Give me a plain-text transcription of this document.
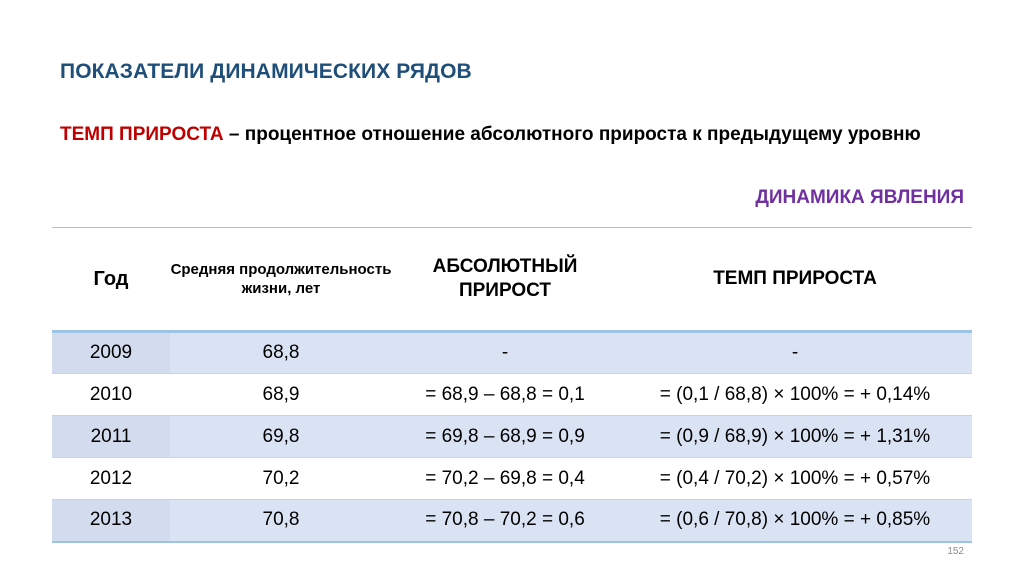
ПОКАЗАТЕЛИ ДИНАМИЧЕСКИХ РЯДОВ
ТЕМП ПРИРОСТА – процентное отношение абсолютного прироста к предыдущему уровню
ДИНАМИКА ЯВЛЕНИЯ
Год	Средняя продолжительность жизни, лет	АБСОЛЮТНЫЙ ПРИРОСТ	ТЕМП ПРИРОСТА
2009	68,8	-	-
2010	68,9	= 68,9 – 68,8 = 0,1	= (0,1 / 68,8) × 100% = + 0,14%
2011	69,8	= 69,8 – 68,9 = 0,9	= (0,9 / 68,9) × 100% = + 1,31%
2012	70,2	= 70,2 – 69,8 = 0,4	= (0,4 / 70,2) × 100% = + 0,57%
2013	70,8	= 70,8 – 70,2 = 0,6	= (0,6 / 70,8) × 100% = + 0,85%
152
